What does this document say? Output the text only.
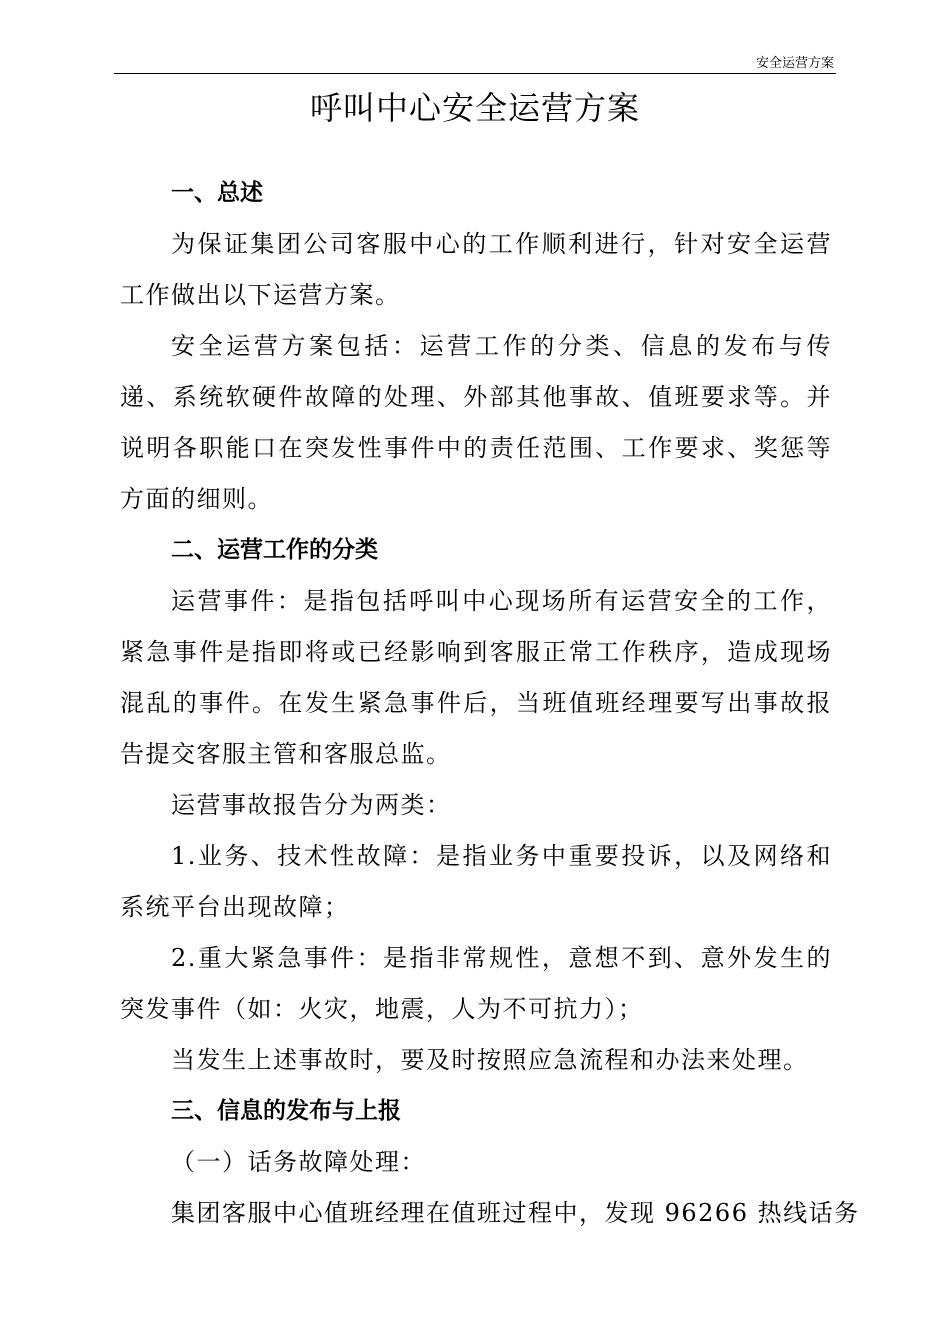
安全运营方案
呼叫中心安全运营方案
一、总述

为保证集团公司客服中心的工作顺利进行，针对安全运营工作做出以下运营方案。

安全运营方案包括：运营工作的分类、信息的发布与传递、系统软硬件故障的处理、外部其他事故、值班要求等。并说明各职能口在突发性事件中的责任范围、工作要求、奖惩等方面的细则。

二、运营工作的分类

运营事件：是指包括呼叫中心现场所有运营安全的工作，紧急事件是指即将或已经影响到客服正常工作秩序，造成现场混乱的事件。在发生紧急事件后，当班值班经理要写出事故报告提交客服主管和客服总监。

运营事故报告分为两类：

1.业务、技术性故障：是指业务中重要投诉，以及网络和系统平台出现故障；

2.重大紧急事件：是指非常规性，意想不到、意外发生的突发事件（如：火灾，地震，人为不可抗力）；

当发生上述事故时，要及时按照应急流程和办法来处理。

三、信息的发布与上报

（一）话务故障处理：

集团客服中心值班经理在值班过程中，发现 96266 热线话务
